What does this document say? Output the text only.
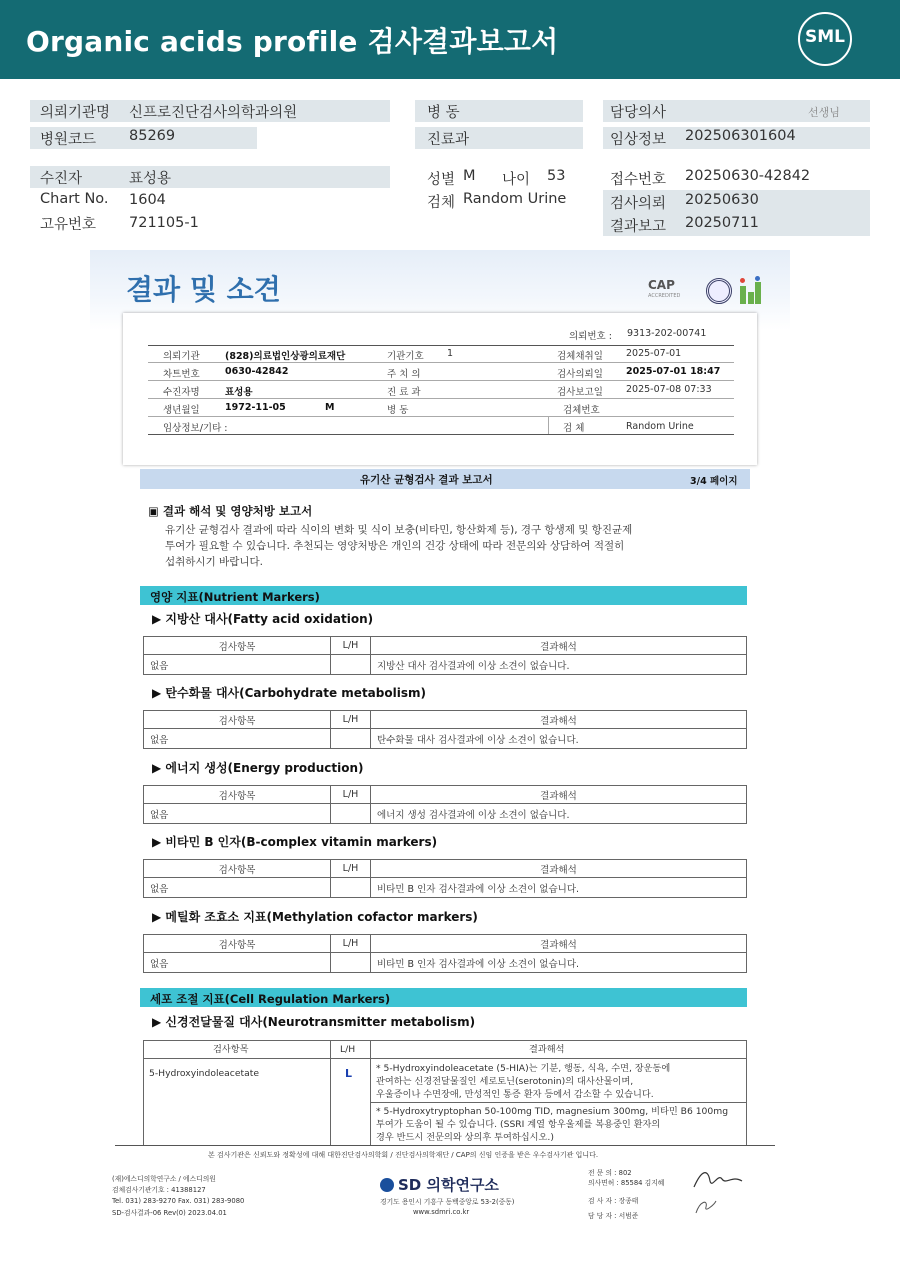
Organic acids profile 검사결과보고서	SML
의뢰기관명 신프로진단검사의학과의원	병 동	담당의사	선생님
병원코드 85269	진료과	임상정보 202506301604
수진자	표성용	성별 M 나이 53	접수번호 20250630-42842
Chart No. 1604	검체 Random Urine	검사의뢰 20250630
고유번호 721105-1	결과보고 20250711
결과 및 소견	CAP
ACCREDITED
의뢰번호 : 9313-202-00741
의뢰기관	(828)의료법인상광의료재단	기관기호 1	검체채취일 2025-07-01
차트번호	0630-42842	주 치 의	검사의뢰일 2025-07-01 18:47
수진자명	표성용	진 료 과	검사보고일 2025-07-08 07:33
생년월일	1972-11-05	M	병 동	검체번호
임상정보/기타 :	검 체	Random Urine
유기산 균형검사 결과 보고서	3/4 페이지
▣ 결과 해석 및 영양처방 보고서
유기산 균형검사 결과에 따라 식이의 변화 및 식이 보충(비타민, 항산화제 등), 경구 항생제 및 항진균제
투여가 필요할 수 있습니다. 추천되는 영양처방은 개인의 건강 상태에 따라 전문의와 상담하여 적절히
섭취하시기 바랍니다.
영양 지표(Nutrient Markers)
▶ 지방산 대사(Fatty acid oxidation)
검사항목	L/H	결과해석
없음		지방산 대사 검사결과에 이상 소견이 없습니다.
▶ 탄수화물 대사(Carbohydrate metabolism)
검사항목	L/H	결과해석
없음		탄수화물 대사 검사결과에 이상 소견이 없습니다.
▶ 에너지 생성(Energy production)
검사항목	L/H	결과해석
없음		에너지 생성 검사결과에 이상 소견이 없습니다.
▶ 비타민 B 인자(B-complex vitamin markers)
검사항목	L/H	결과해석
없음		비타민 B 인자 검사결과에 이상 소견이 없습니다.
▶ 메틸화 조효소 지표(Methylation cofactor markers)
검사항목	L/H	결과해석
없음		비타민 B 인자 검사결과에 이상 소견이 없습니다.
세포 조절 지표(Cell Regulation Markers)
▶ 신경전달물질 대사(Neurotransmitter metabolism)
검사항목	L/H	결과해석
5-Hydroxyindoleacetate	L	* 5-Hydroxyindoleacetate (5-HIA)는 기분, 행동, 식욕, 수면, 장운동에
관여하는 신경전달물질인 세로토닌(serotonin)의 대사산물이며,
우울증이나 수면장애, 만성적인 통증 환자 등에서 감소할 수 있습니다.
* 5-Hydroxytryptophan 50-100mg TID, magnesium 300mg, 비타민 B6 100mg
투여가 도움이 될 수 있습니다. (SSRI 계열 항우울제를 복용중인 환자의
경우 반드시 전문의와 상의후 투여하십시오.)
본 검사기관은 신뢰도와 정확성에 대해 대한진단검사의학회 / 진단검사의학재단 / CAP의 신임 인증을 받은 우수검사기관 입니다.
(재)에스디의학연구소 / 에스디의원
검체검사기관기호 : 41388127
Tel. 031) 283-9270 Fax. 031) 283-9080
SD-검사결과-06 Rev(0) 2023.04.01
SD 의학연구소
경기도 용인시 기흥구 동백중앙로 53-2(중동)
www.sdmri.co.kr
전 문 의 : 802
의사면허 : 85584 김지혜
검 사 자 : 장종태
담 당 자 : 서범준
